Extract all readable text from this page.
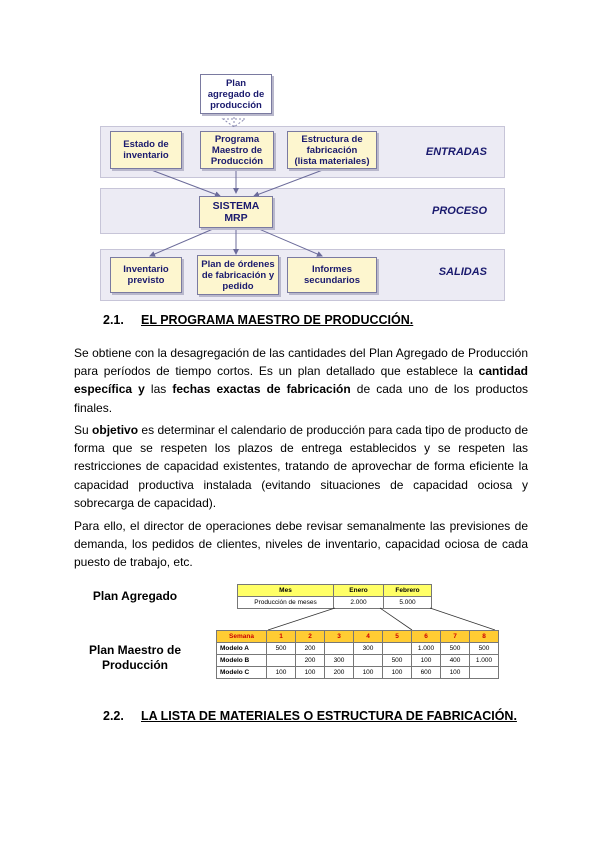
Plan
agregado de
producción
Estado de
inventario
Programa
Maestro de
Producción
Estructura de
fabricación
(lista materiales)
ENTRADAS
SISTEMA
MRP
PROCESO
Inventario
previsto
Plan de órdenes
de fabricación y
pedido
Informes
secundarios
SALIDAS
2.1. EL PROGRAMA MAESTRO DE PRODUCCIÓN.
Se obtiene con la desagregación de las cantidades del Plan Agregado de Producción para períodos de tiempo cortos. Es un plan detallado que establece la cantidad específica y las fechas exactas de fabricación de cada uno de los productos finales.
Su objetivo es determinar el calendario de producción para cada tipo de producto de forma que se respeten los plazos de entrega establecidos y se respeten las restricciones de capacidad existentes, tratando de aprovechar de forma eficiente la capacidad productiva instalada (evitando situaciones de capacidad ociosa y sobrecarga de capacidad).
Para ello, el director de operaciones debe revisar semanalmente las previsiones de demanda, los pedidos de clientes, niveles de inventario, capacidad ociosa de cada puesto de trabajo, etc.
Plan Agregado	Mes	Enero	Febrero
Producción de meses	2.000	5.000
Plan Maestro de
Producción
Semana	1	2	3	4	5	6	7	8
Modelo A	500	200		300		1.000	500	500
Modelo B		200	300		500	100	400	1.000
Modelo C	100	100	200	100	100	600	100	
2.2. LA LISTA DE MATERIALES O ESTRUCTURA DE FABRICACIÓN.
